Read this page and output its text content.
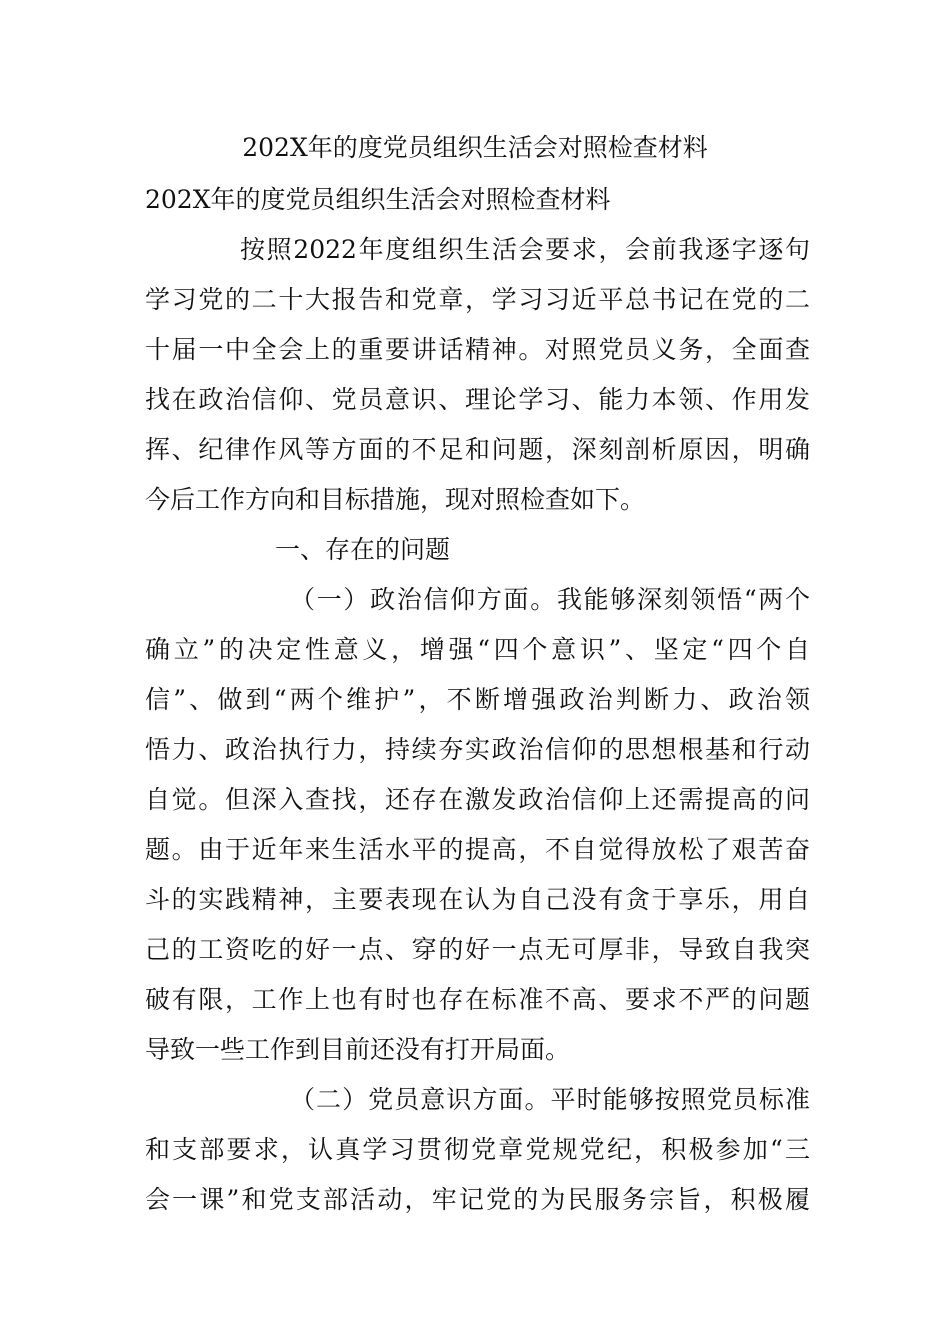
202X年的度党员组织生活会对照检查材料
202X年的度党员组织生活会对照检查材料
按照2022年度组织生活会要求，会前我逐字逐句
学习党的二十大报告和党章，学习习近平总书记在党的二
十届一中全会上的重要讲话精神。对照党员义务，全面查
找在政治信仰、党员意识、理论学习、能力本领、作用发
挥、纪律作风等方面的不足和问题，深刻剖析原因，明确
今后工作方向和目标措施，现对照检查如下。
一、存在的问题
（一）政治信仰方面。我能够深刻领悟“两个
确立”的决定性意义，增强“四个意识”、坚定“四个自
信”、做到“两个维护”，不断增强政治判断力、政治领
悟力、政治执行力，持续夯实政治信仰的思想根基和行动
自觉。但深入查找，还存在激发政治信仰上还需提高的问
题。由于近年来生活水平的提高，不自觉得放松了艰苦奋
斗的实践精神，主要表现在认为自己没有贪于享乐，用自
己的工资吃的好一点、穿的好一点无可厚非，导致自我突
破有限，工作上也有时也存在标准不高、要求不严的问题
导致一些工作到目前还没有打开局面。
（二）党员意识方面。平时能够按照党员标准
和支部要求，认真学习贯彻党章党规党纪，积极参加“三
会一课”和党支部活动，牢记党的为民服务宗旨，积极履
